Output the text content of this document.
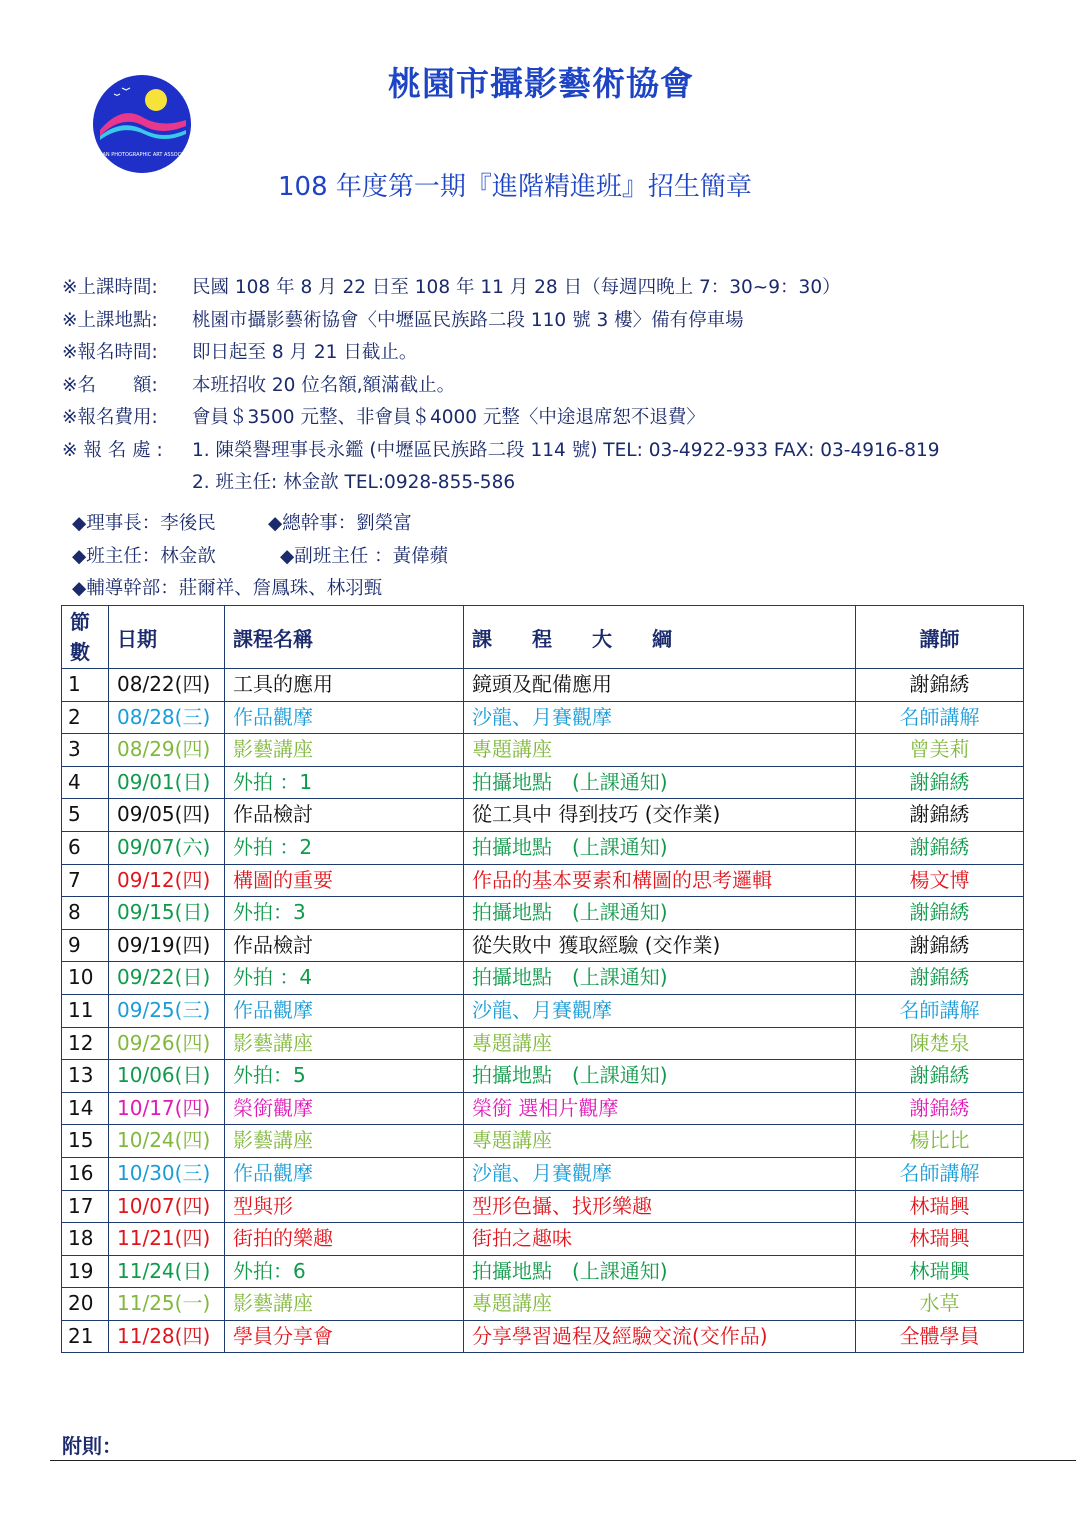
TAOYUAN PHOTOGRAPHIC ART ASSOCIATION
桃園市攝影藝術協會
108 年度第一期『進階精進班』招生簡章
※上課時間:	民國 108 年 8 月 22 日至 108 年 11 月 28 日（每週四晚上 7：30~9：30）
※上課地點:	桃園市攝影藝術協會〈中壢區民族路二段 110 號 3 樓〉備有停車場
※報名時間:	即日起至 8 月 21 日截止。
※名　　額:	本班招收 20 位名額,額滿截止。
※報名費用:	會員＄3500 元整、非會員＄4000 元整〈中途退席恕不退費〉
※ 報 名 處 :	1. 陳榮譽理事長永鑑 (中壢區民族路二段 114 號) TEL: 03-4922-933 FAX: 03-4916-819
2. 班主任: 林金歆 TEL:0928-855-586
◆理事長：李後民	◆總幹事：劉榮富
◆班主任：林金歆	◆副班主任 ：黃偉蘋
◆輔導幹部：莊爾祥、詹鳳珠、林羽甄
節
數	日期	課程名稱	課　　程　　大　　綱	講師
1	08/22(四)	工具的應用	鏡頭及配備應用	謝錦綉
2	08/28(三)	作品觀摩	沙龍、月賽觀摩	名師講解
3	08/29(四)	影藝講座	專題講座	曾美莉
4	09/01(日)	外拍 ：1	拍攝地點　(上課通知)	謝錦綉
5	09/05(四)	作品檢討	從工具中 得到技巧 (交作業)	謝錦綉
6	09/07(六)	外拍 ：2	拍攝地點　(上課通知)	謝錦綉
7	09/12(四)	構圖的重要	作品的基本要素和構圖的思考邏輯	楊文博
8	09/15(日)	外拍：3	拍攝地點　(上課通知)	謝錦綉
9	09/19(四)	作品檢討	從失敗中 獲取經驗 (交作業)	謝錦綉
10	09/22(日)	外拍 ：4	拍攝地點　(上課通知)	謝錦綉
11	09/25(三)	作品觀摩	沙龍、月賽觀摩	名師講解
12	09/26(四)	影藝講座	專題講座	陳楚泉
13	10/06(日)	外拍：5	拍攝地點　(上課通知)	謝錦綉
14	10/17(四)	榮銜觀摩	榮銜 選相片觀摩	謝錦綉
15	10/24(四)	影藝講座	專題講座	楊比比
16	10/30(三)	作品觀摩	沙龍、月賽觀摩	名師講解
17	10/07(四)	型與形	型形色攝、找形樂趣	林瑞興
18	11/21(四)	街拍的樂趣	街拍之趣味	林瑞興
19	11/24(日)	外拍：6	拍攝地點　(上課通知)	林瑞興
20	11/25(一)	影藝講座	專題講座	水草
21	11/28(四)	學員分享會	分享學習過程及經驗交流(交作品)	全體學員
附則：
